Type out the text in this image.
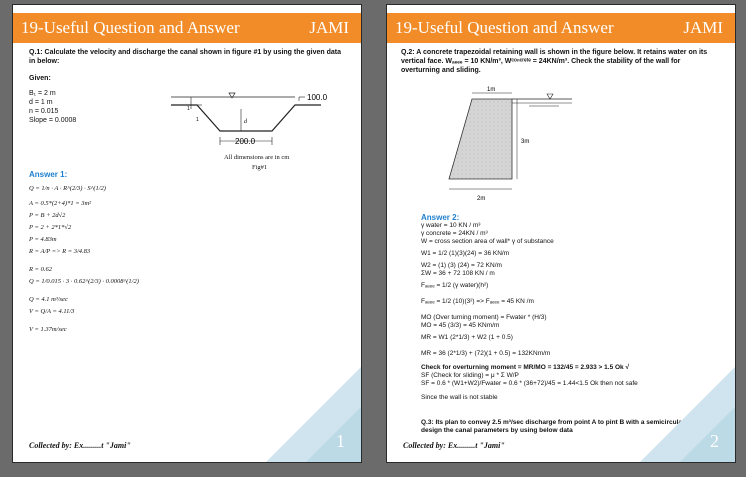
19-Useful Question and Answer	JAMI
Q.1: Calculate the velocity and discharge the canal shown in figure #1 by using the given data in below:
Given:
B₁ = 2 m
d = 1 m
n = 0.015
Slope = 0.0008
100.0
200.0
d
1
1
All dimensions are in cm
Fig#1
Answer 1:
Q = 1/n · A · R^(2/3) · S^(1/2)
A = 0.5*(2+4)*1 = 3m²
P = B + 2d√2
P = 2 + 2*1*√2
P = 4.83m
R = A/P => R = 3/4.83
R = 0.62
Q = 1/0.015 · 3 · 0.62^(2/3) · 0.0008^(1/2)
Q = 4.1 m³/sec
V = Q/A = 4.11/3
V = 1.37m/sec
1
Collected by: Ex.........t "Jami"
19-Useful Question and Answer	JAMI
Q.2: A concrete trapezoidal retaining wall is shown in the figure below. It retains water on its vertical face. Wₐₑₑₑ = 10 KN/m³, Wᶜᵒⁿᶜʳᵉᵗᵉ = 24KN/m³. Check the stability of the wall for overturning and sliding.
1m
3m
2m
Answer 2:
γ water = 10 KN / m³
γ concrete = 24KN / m³
W = cross section area of wall* γ of substance
W1 = 1/2 (1)(3)(24) = 36 KN/m
W2 = (1) (3) (24) = 72 KN/m
ΣW = 36 + 72 108 KN / m
Fₐₑₑₑ = 1/2 (γ water)(h²)
Fₐₑₑₑ = 1/2 (10)(3²) => Fₐₑₑₑ = 45 KN /m
MO (Over turning moment) = Fwater * (H/3)
MO = 45 (3/3) = 45 KNm/m
MR = W1 (2*1/3) + W2 (1 + 0.5)
MR = 36 (2*1/3) + (72)(1 + 0.5) = 132KNm/m
Check for overturning moment = MR/MO = 132/45 = 2.933 > 1.5 Ok √
SF (Check for sliding) = μ * Σ W/P
SF = 0.6 * (W1+W2)/Fwater = 0.6 * (36+72)/45 = 1.44<1.5 Ok then not safe
Since the wall is not stable
Q.3: Its plan to convey 2.5 m³/sec discharge from point A to pint B with a semicircular canal, design the canal parameters by using below data
2
Collected by: Ex.........t "Jami"
